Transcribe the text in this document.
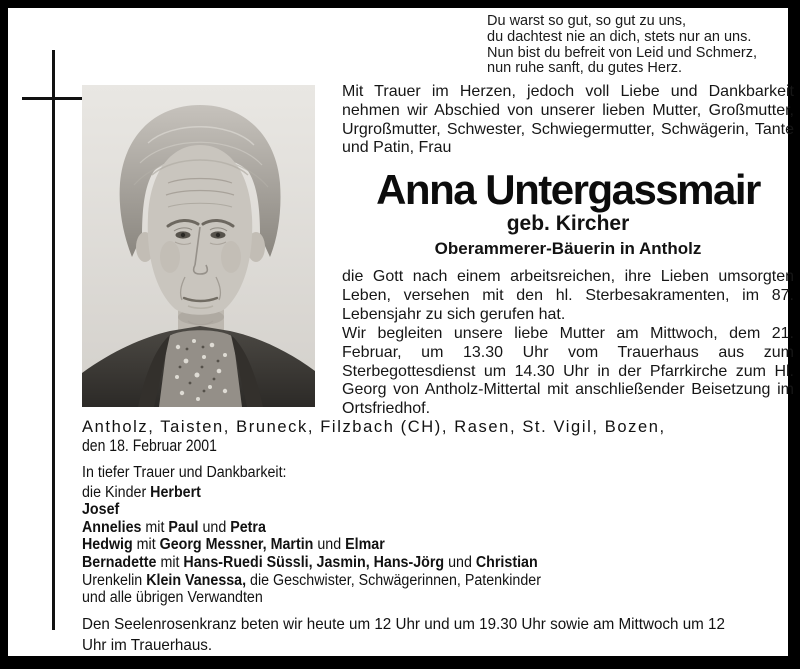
Du warst so gut, so gut zu uns,
du dachtest nie an dich, stets nur an uns.
Nun bist du befreit von Leid und Schmerz,
nun ruhe sanft, du gutes Herz.
Mit Trauer im Herzen, jedoch voll Liebe und Dankbarkeit nehmen wir Abschied von unserer lieben Mutter, Großmutter, Urgroßmutter, Schwester, Schwiegermutter, Schwägerin, Tante und Patin, Frau
Anna Untergassmair
geb. Kircher
Oberammerer-Bäuerin in Antholz
die Gott nach einem arbeitsreichen, ihre Lieben umsorgten Leben, versehen mit den hl. Sterbesakramenten, im 87. Lebensjahr zu sich gerufen hat.
Wir begleiten unsere liebe Mutter am Mittwoch, dem 21. Februar, um 13.30 Uhr vom Trauerhaus aus zum Sterbegottesdienst um 14.30 Uhr in der Pfarrkirche zum Hl. Georg von Antholz-Mittertal mit anschließender Beisetzung im Ortsfriedhof.
Antholz, Taisten, Bruneck, Filzbach (CH), Rasen, St. Vigil, Bozen,
den 18. Februar 2001
In tiefer Trauer und Dankbarkeit:
die Kinder Herbert
Josef
Annelies mit Paul und Petra
Hedwig mit Georg Messner, Martin und Elmar
Bernadette mit Hans-Ruedi Süssli, Jasmin, Hans-Jörg und Christian
Urenkelin Klein Vanessa, die Geschwister, Schwägerinnen, Patenkinder
und alle übrigen Verwandten
Den Seelenrosenkranz beten wir heute um 12 Uhr und um 19.30 Uhr sowie am Mittwoch um 12 Uhr im Trauerhaus.
